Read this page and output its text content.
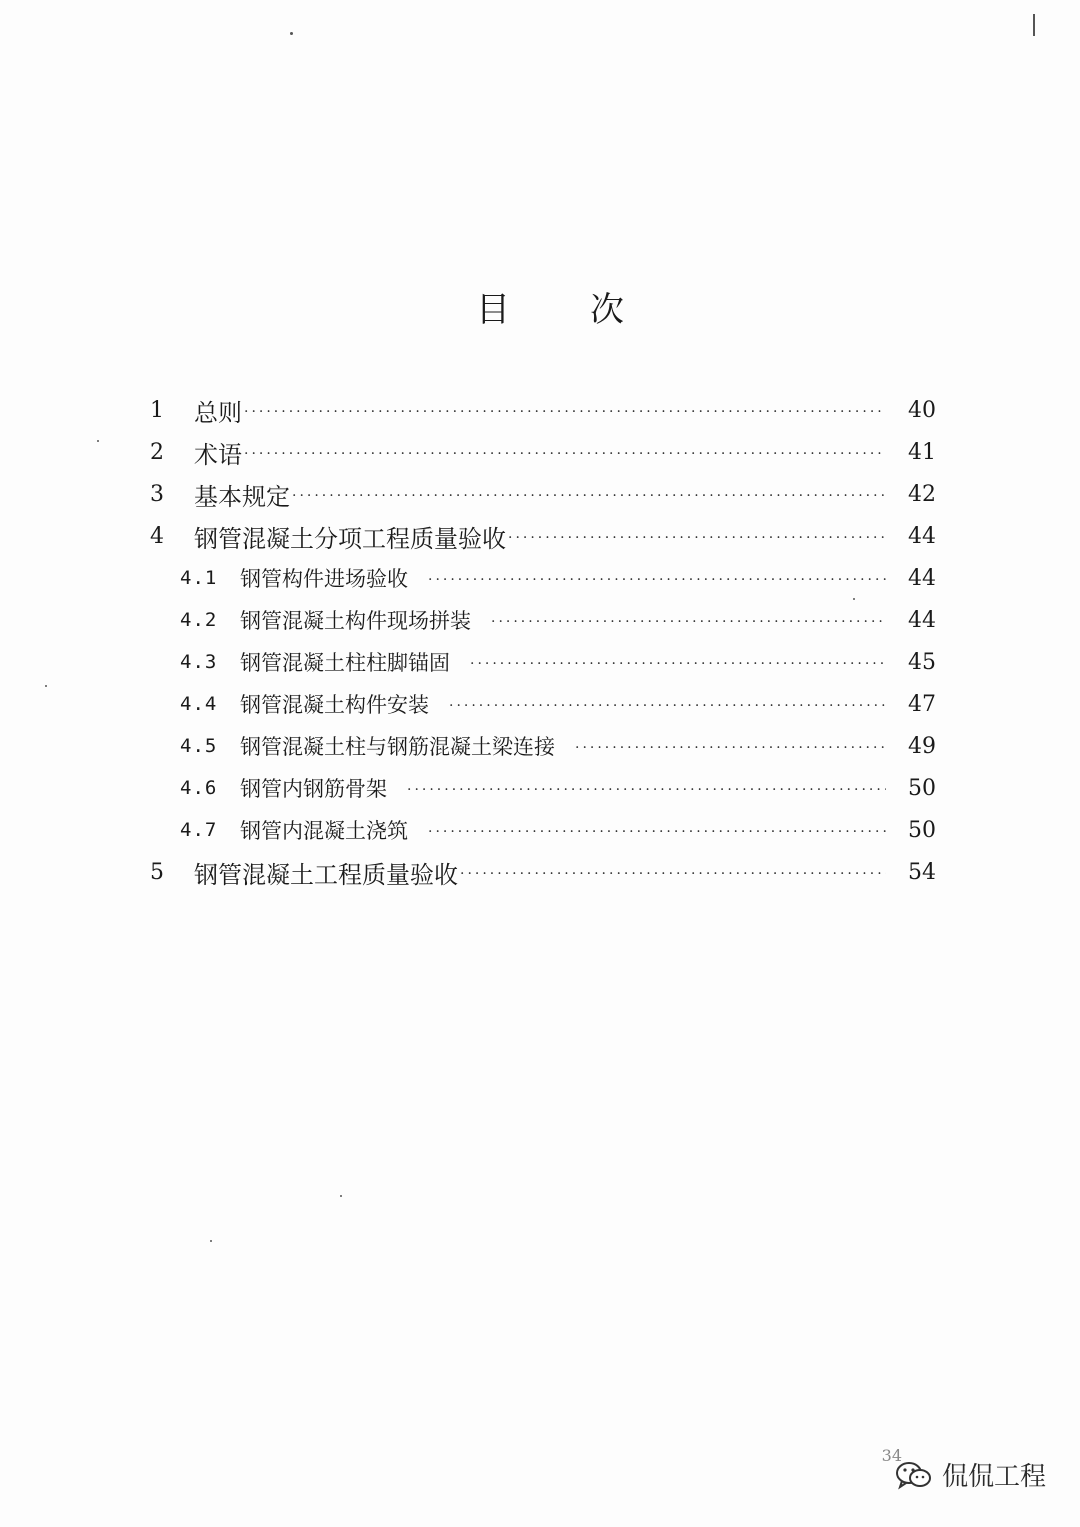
目 次
1	总则 ·····	40
2	术语 ·····	41
3	基本规定 ·····	42
4	钢管混凝土分项工程质量验收 ·····	44
4.1	钢管构件进场验收 ·····	44
4.2	钢管混凝土构件现场拼装 ·····	44
4.3	钢管混凝土柱柱脚锚固 ·····	45
4.4	钢管混凝土构件安装 ·····	47
4.5	钢管混凝土柱与钢筋混凝土梁连接 ·····	49
4.6	钢管内钢筋骨架 ·····	50
4.7	钢管内混凝土浇筑 ·····	50
5	钢管混凝土工程质量验收 ·····	54
34
侃侃工程
